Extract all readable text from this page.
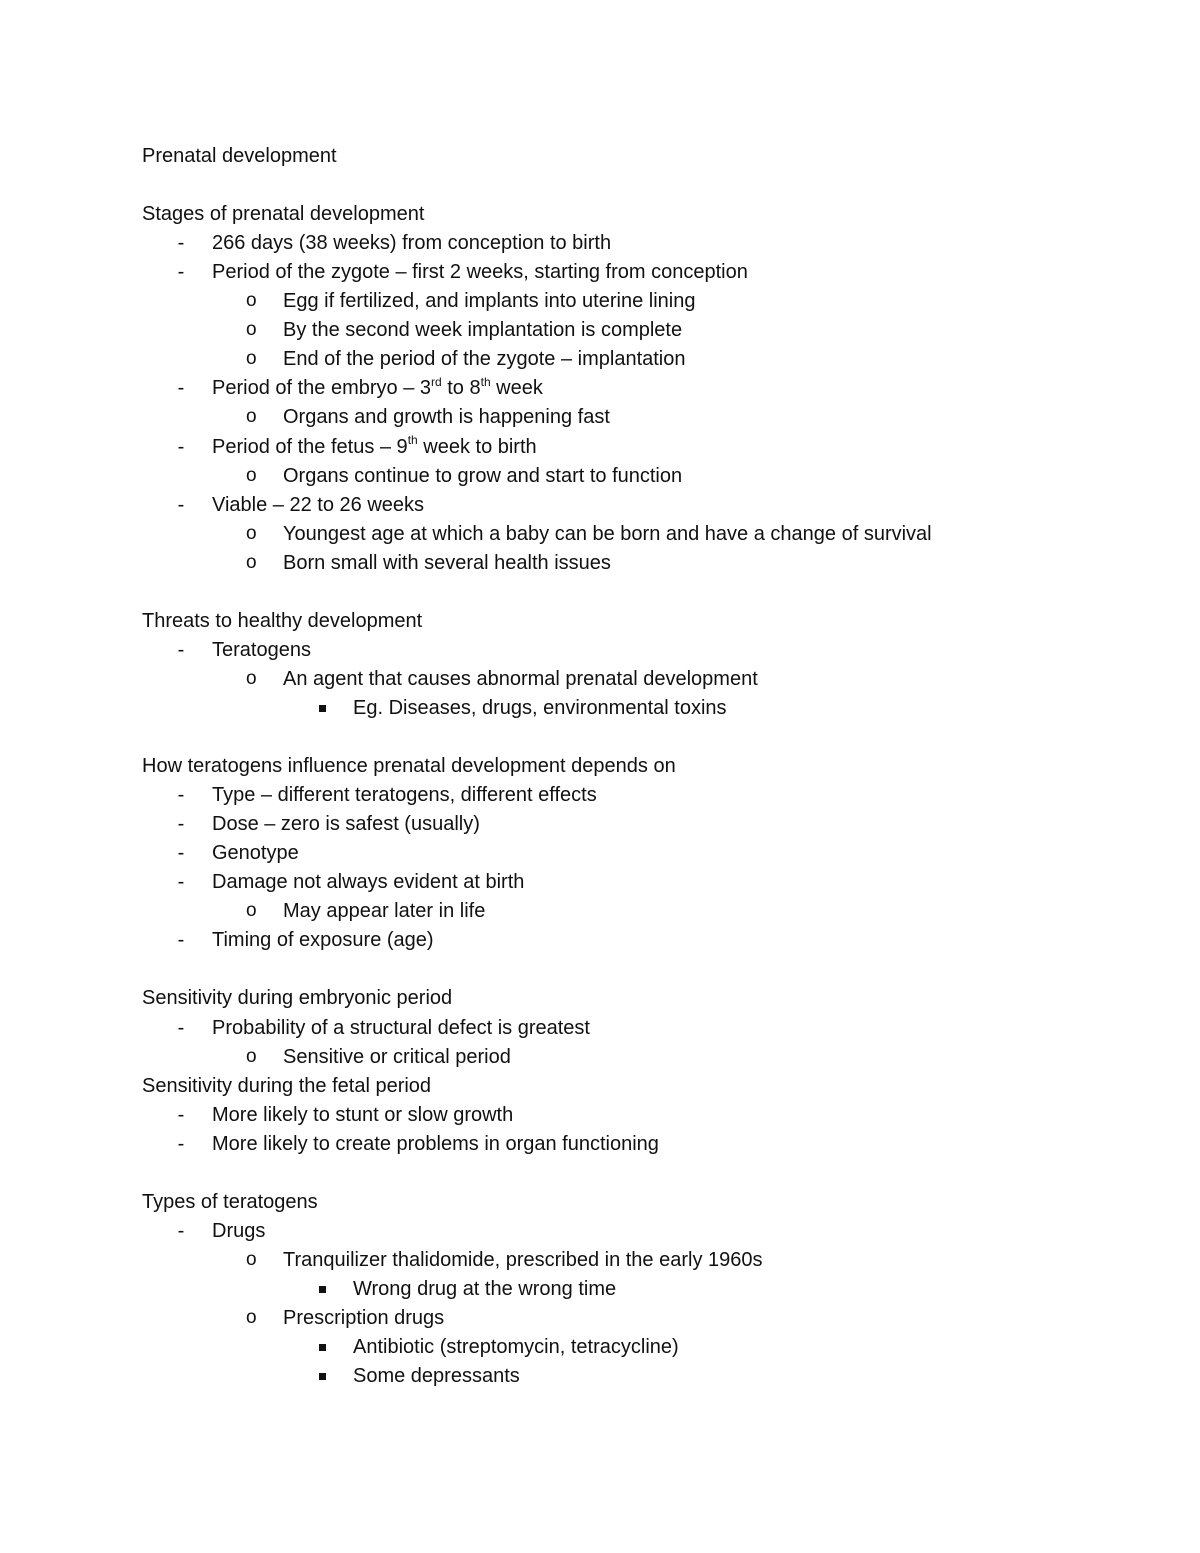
Prenatal development
Stages of prenatal development
- 266 days (38 weeks) from conception to birth
- Period of the zygote – first 2 weeks, starting from conception
o Egg if fertilized, and implants into uterine lining
o By the second week implantation is complete
o End of the period of the zygote – implantation
- Period of the embryo – 3rd to 8th week
o Organs and growth is happening fast
- Period of the fetus – 9th week to birth
o Organs continue to grow and start to function
- Viable – 22 to 26 weeks
o Youngest age at which a baby can be born and have a change of survival
o Born small with several health issues
Threats to healthy development
- Teratogens
o An agent that causes abnormal prenatal development
Eg. Diseases, drugs, environmental toxins
How teratogens influence prenatal development depends on
- Type – different teratogens, different effects
- Dose – zero is safest (usually)
- Genotype
- Damage not always evident at birth
o May appear later in life
- Timing of exposure (age)
Sensitivity during embryonic period
- Probability of a structural defect is greatest
o Sensitive or critical period
Sensitivity during the fetal period
- More likely to stunt or slow growth
- More likely to create problems in organ functioning
Types of teratogens
- Drugs
o Tranquilizer thalidomide, prescribed in the early 1960s
Wrong drug at the wrong time
o Prescription drugs
Antibiotic (streptomycin, tetracycline)
Some depressants
